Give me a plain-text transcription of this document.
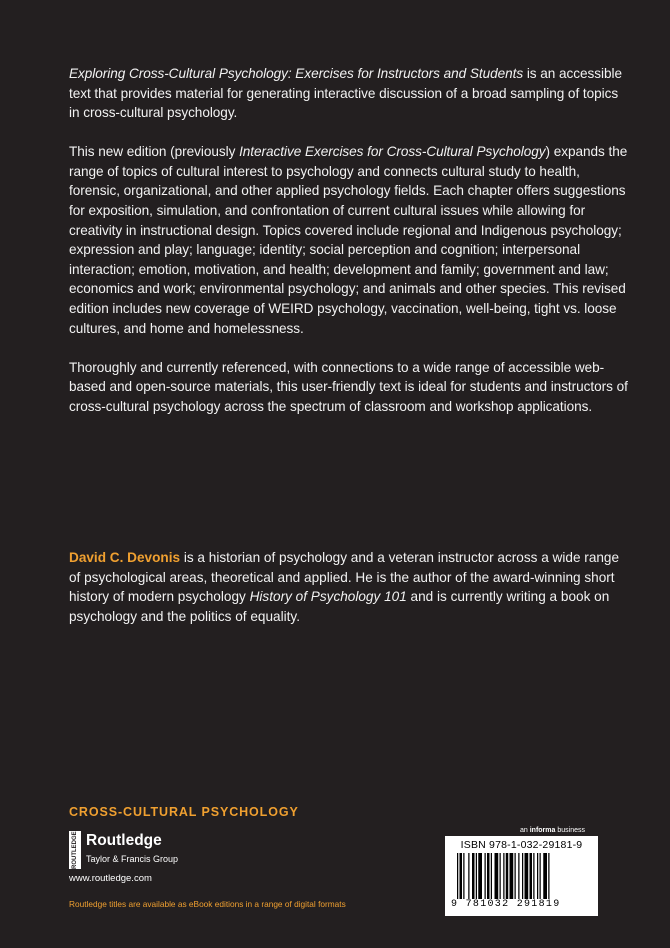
Exploring Cross-Cultural Psychology: Exercises for Instructors and Students is an accessible text that provides material for generating interactive discussion of a broad sampling of topics in cross-cultural psychology.

This new edition (previously Interactive Exercises for Cross-Cultural Psychology) expands the range of topics of cultural interest to psychology and connects cultural study to health, forensic, organizational, and other applied psychology fields. Each chapter offers suggestions for exposition, simulation, and confrontation of current cultural issues while allowing for creativity in instructional design. Topics covered include regional and Indigenous psychology; expression and play; language; identity; social perception and cognition; interpersonal interaction; emotion, motivation, and health; development and family; government and law; economics and work; environmental psychology; and animals and other species. This revised edition includes new coverage of WEIRD psychology, vaccination, well-being, tight vs. loose cultures, and home and homelessness.

Thoroughly and currently referenced, with connections to a wide range of accessible web-based and open-source materials, this user-friendly text is ideal for students and instructors of cross-cultural psychology across the spectrum of classroom and workshop applications.

David C. Devonis is a historian of psychology and a veteran instructor across a wide range of psychological areas, theoretical and applied. He is the author of the award-winning short history of modern psychology History of Psychology 101 and is currently writing a book on psychology and the politics of equality.

CROSS-CULTURAL PSYCHOLOGY
ROUTLEDGE Routledge
Taylor & Francis Group
www.routledge.com
Routledge titles are available as eBook editions in a range of digital formats
an informa business
ISBN 978-1-032-29181-9
9 781032 291819
